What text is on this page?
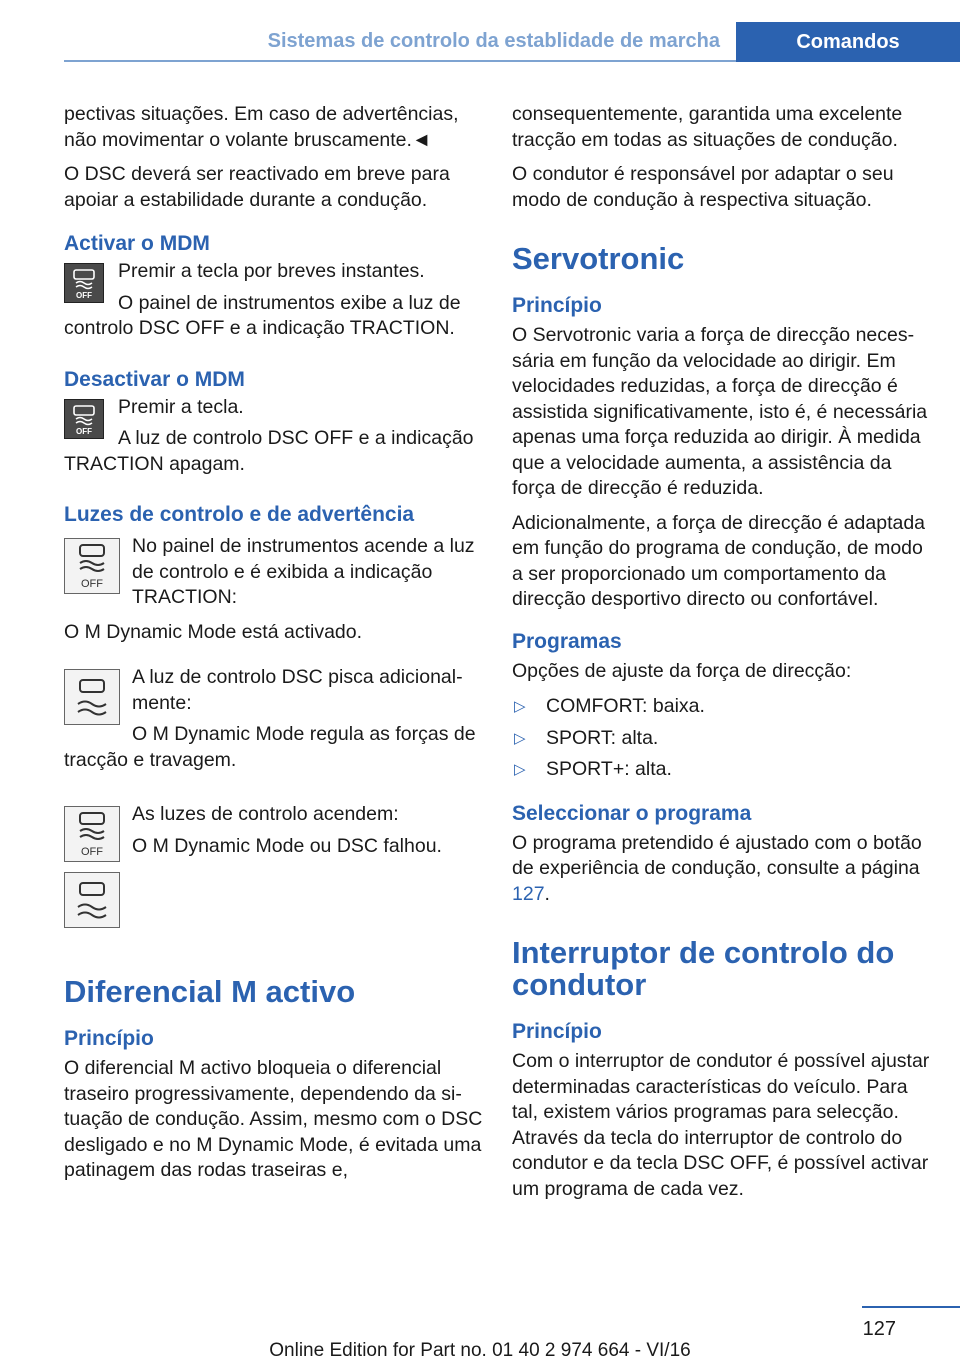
Sistemas de controlo da establidade de marcha	Comandos

pectivas situações. Em caso de advertências, não movimentar o volante bruscamente.◄

O DSC deverá ser reactivado em breve para apoiar a estabilidade durante a condução.

Activar o MDM
OFF

Premir a tecla por breves instantes.

O painel de instrumentos exibe a luz de controlo DSC OFF e a indicação TRACTION.

Desactivar o MDM
OFF

Premir a tecla.

A luz de controlo DSC OFF e a indicação TRACTION apagam.

Luzes de controlo e de advertência
OFF

No painel de instrumentos acende a luz de controlo e é exibida a indicação TRACTION:

O M Dynamic Mode está activado.

A luz de controlo DSC pisca adicionalmente:

O M Dynamic Mode regula as forças de tracção e travagem.

OFF

As luzes de controlo acendem:

O M Dynamic Mode ou DSC falhou.

Diferencial M activo
Princípio

O diferencial M activo bloqueia o diferencial traseiro progressivamente, dependendo da situação de condução. Assim, mesmo com o DSC desligado e no M Dynamic Mode, é evitada uma patinagem das rodas traseiras e,

consequentemente, garantida uma excelente tracção em todas as situações de condução.

O condutor é responsável por adaptar o seu modo de condução à respectiva situação.

Servotronic
Princípio

O Servotronic varia a força de direcção necessária em função da velocidade ao dirigir. Em velocidades reduzidas, a força de direcção é assistida significativamente, isto é, é necessária apenas uma força reduzida ao dirigir. À medida que a velocidade aumenta, a assistência da força de direcção é reduzida.

Adicionalmente, a força de direcção é adaptada em função do programa de condução, de modo a ser proporcionado um comportamento da direcção desportivo directo ou confortável.

Programas

Opções de ajuste da força de direcção:

▷ COMFORT: baixa.
▷ SPORT: alta.
▷ SPORT+: alta.
Seleccionar o programa

O programa pretendido é ajustado com o botão de experiência de condução, consulte a página 127.

Interruptor de controlo do condutor
Princípio

Com o interruptor de condutor é possível ajustar determinadas características do veículo. Para tal, existem vários programas para selecção. Através da tecla do interruptor de controlo do condutor e da tecla DSC OFF, é possível activar um programa de cada vez.

127
Online Edition for Part no. 01 40 2 974 664 - VI/16
